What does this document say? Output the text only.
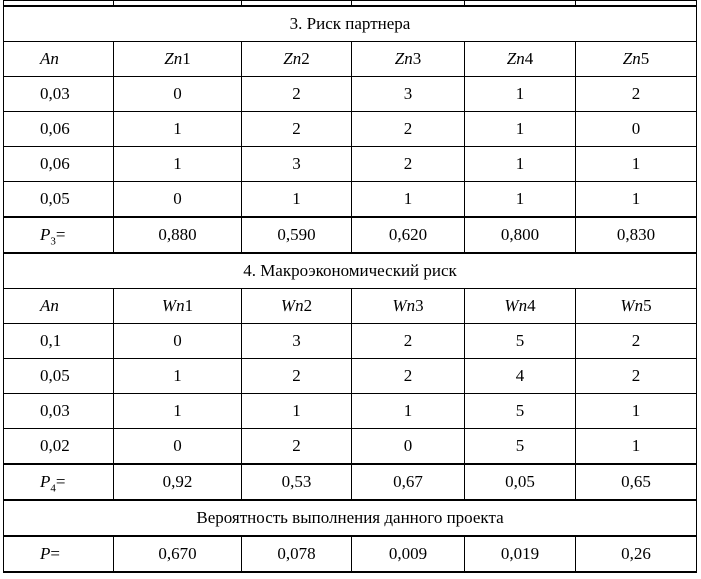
3. Риск партнера					
An	Zn1	Zn2	Zn3	Zn4	Zn5
0,03	0	2	3	1	2
0,06	1	2	2	1	0
0,06	1	3	2	1	1
0,05	0	1	1	1	1
$P_3=$	0,880	0,590	0,620	0,800	0,830
4. Макроэкономический риск					
An	Wn1	Wn2	Wn3	Wn4	Wn5
0,1	0	3	2	5	2
0,05	1	2	2	4	2
0,03	1	1	1	5	1
0,02	0	2	0	5	1
$P_4=$	0,92	0,53	0,67	0,05	0,65
Вероятность выполнения данного проекта					
P=	0,670	0,078	0,009	0,019	0,26
